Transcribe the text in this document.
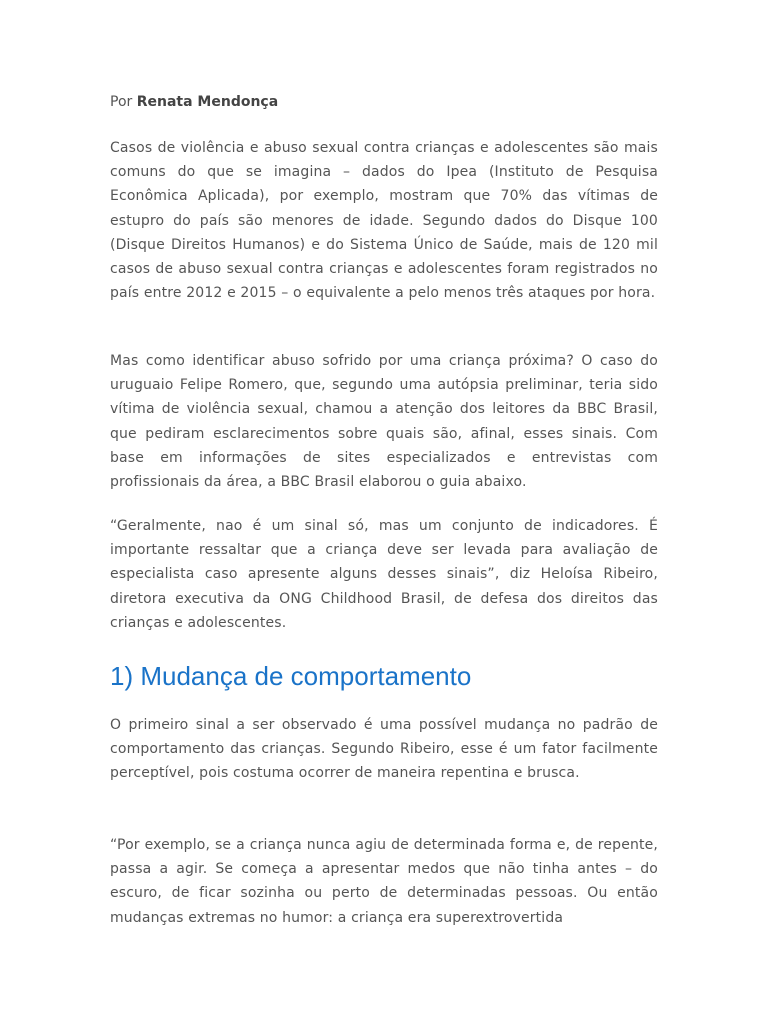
Por Renata Mendonça

Casos de violência e abuso sexual contra crianças e adolescentes são mais comuns do que se imagina – dados do Ipea (Instituto de Pesquisa Econômica Aplicada), por exemplo, mostram que 70% das vítimas de estupro do país são menores de idade. Segundo dados do Disque 100 (Disque Direitos Humanos) e do Sistema Único de Saúde, mais de 120 mil casos de abuso sexual contra crianças e adolescentes foram registrados no país entre 2012 e 2015 – o equivalente a pelo menos três ataques por hora.

Mas como identificar abuso sofrido por uma criança próxima? O caso do uruguaio Felipe Romero, que, segundo uma autópsia preliminar, teria sido vítima de violência sexual, chamou a atenção dos leitores da BBC Brasil, que pediram esclarecimentos sobre quais são, afinal, esses sinais. Com base em informações de sites especializados e entrevistas com profissionais da área, a BBC Brasil elaborou o guia abaixo.

“Geralmente, nao é um sinal só, mas um conjunto de indicadores. É importante ressaltar que a criança deve ser levada para avaliação de especialista caso apresente alguns desses sinais”, diz Heloísa Ribeiro, diretora executiva da ONG Childhood Brasil, de defesa dos direitos das crianças e adolescentes.

1) Mudança de comportamento

O primeiro sinal a ser observado é uma possível mudança no padrão de comportamento das crianças. Segundo Ribeiro, esse é um fator facilmente perceptível, pois costuma ocorrer de maneira repentina e brusca.

“Por exemplo, se a criança nunca agiu de determinada forma e, de repente, passa a agir. Se começa a apresentar medos que não tinha antes – do escuro, de ficar sozinha ou perto de determinadas pessoas. Ou então mudanças extremas no humor: a criança era superextrovertida
